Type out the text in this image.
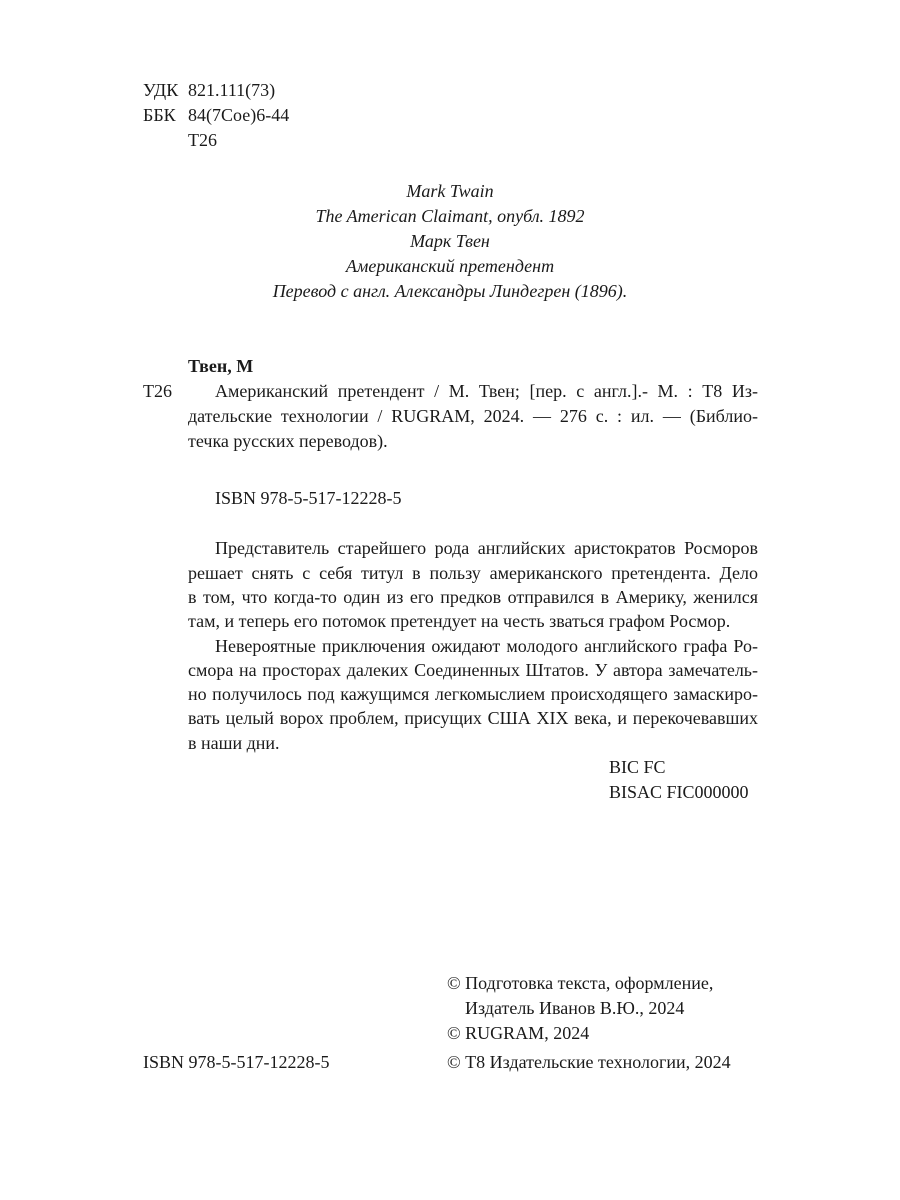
УДК 821.111(73)
ББК 84(7Сое)6-44
Т26
Mark Twain
The American Claimant, опубл. 1892
Марк Твен
Американский претендент
Перевод с англ. Александры Линдегрен (1896).
Твен, М
Т26 Американский претендент / М. Твен; [пер. с англ.].- М. : Т8 Из-
дательские технологии / RUGRAM, 2024. — 276 с. : ил. — (Библио-
течка русских переводов).
ISBN 978-5-517-12228-5
Представитель старейшего рода английских аристократов Росморов
решает снять с себя титул в пользу американского претендента. Дело
в том, что когда-то один из его предков отправился в Америку, женился
там, и теперь его потомок претендует на честь зваться графом Росмор.
Невероятные приключения ожидают молодого английского графа Ро-
смора на просторах далеких Соединенных Штатов. У автора замечатель-
но получилось под кажущимся легкомыслием происходящего замаскиро-
вать целый ворох проблем, присущих США XIX века, и перекочевавших
в наши дни.
BIC FC
BISAC FIC000000
© Подготовка текста, оформление,
Издатель Иванов В.Ю., 2024
© RUGRAM, 2024
© Т8 Издательские технологии, 2024
ISBN 978-5-517-12228-5
